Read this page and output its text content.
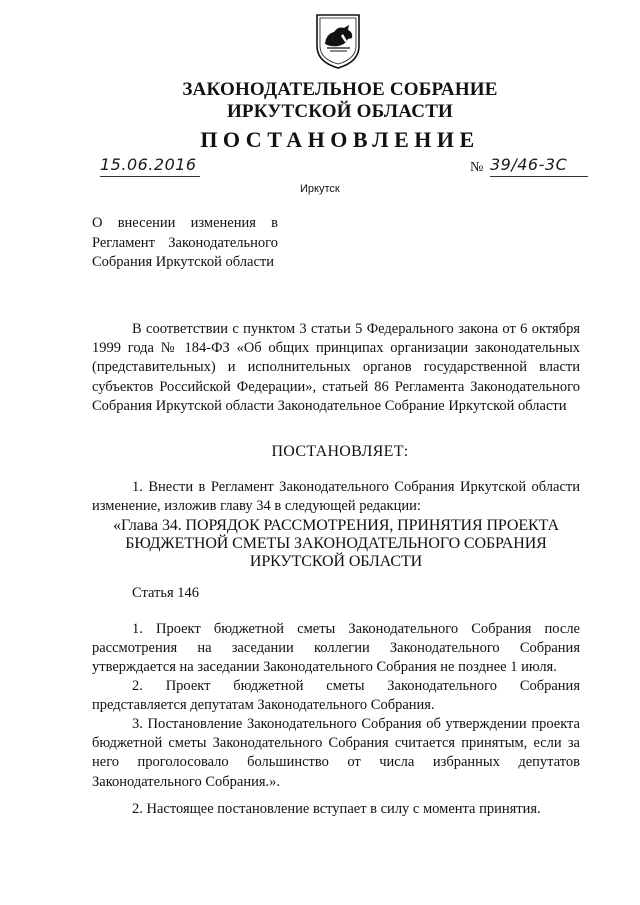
ЗАКОНОДАТЕЛЬНОЕ СОБРАНИЕ
ИРКУТСКОЙ ОБЛАСТИ
ПОСТАНОВЛЕНИЕ
15.06.2016	№ 39/46-3С
Иркутск
О внесении изменения в Регламент Законодательного Собрания Иркутской области
В соответствии с пунктом 3 статьи 5 Федерального закона от 6 октября 1999 года № 184-ФЗ «Об общих принципах организации законодательных (представительных) и исполнительных органов государственной власти субъектов Российской Федерации», статьей 86 Регламента Законодательного Собрания Иркутской области Законодательное Собрание Иркутской области
ПОСТАНОВЛЯЕТ:
1. Внести в Регламент Законодательного Собрания Иркутской области изменение, изложив главу 34 в следующей редакции:
«Глава 34. ПОРЯДОК РАССМОТРЕНИЯ, ПРИНЯТИЯ ПРОЕКТА БЮДЖЕТНОЙ СМЕТЫ ЗАКОНОДАТЕЛЬНОГО СОБРАНИЯ ИРКУТСКОЙ ОБЛАСТИ
Статья 146
1. Проект бюджетной сметы Законодательного Собрания после рассмотрения на заседании коллегии Законодательного Собрания утверждается на заседании Законодательного Собрания не позднее 1 июля.
2. Проект бюджетной сметы Законодательного Собрания представляется депутатам Законодательного Собрания.
3. Постановление Законодательного Собрания об утверждении проекта бюджетной сметы Законодательного Собрания считается принятым, если за него проголосовало большинство от числа избранных депутатов Законодательного Собрания.».
2. Настоящее постановление вступает в силу с момента принятия.
